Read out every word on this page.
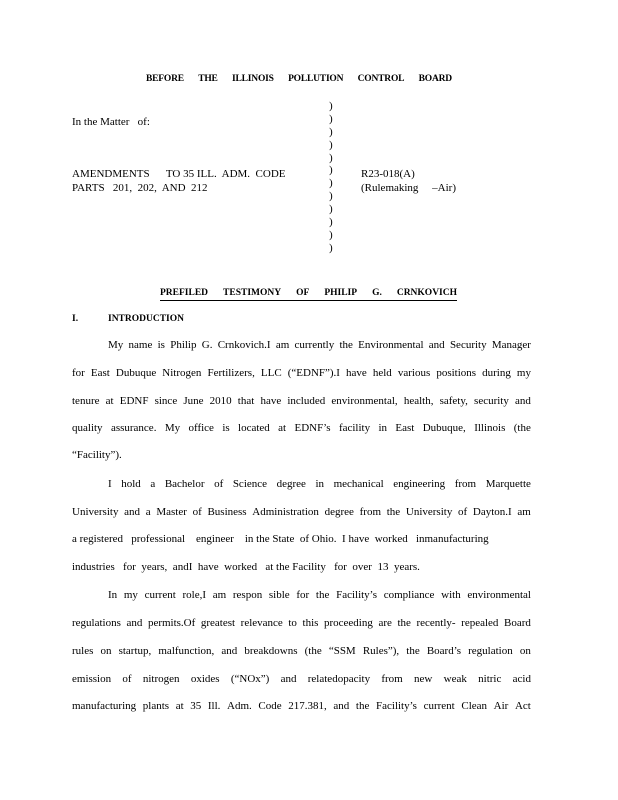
BEFORE THE ILLINOIS POLLUTION CONTROL BOARD
In the Matter   of:
AMENDMENTS      TO 35 ILL.  ADM.  CODE
PARTS   201,  202,  AND  212
)
)
)
)
)
)
)
)
)
)
)
)
R23-018(A)
(Rulemaking     –Air)
PREFILED TESTIMONY OF PHILIP G. CRNKOVICH
I.	INTRODUCTION
My name is Philip G. Crnkovich.I am currently the Environmental and Security Manager
for East Dubuque Nitrogen Fertilizers, LLC (“EDNF”).I have held various positions during my
tenure at EDNF since June 2010 that have included environmental, health, safety, security and
quality assurance. My office is located at EDNF’s facility in East Dubuque, Illinois (the
“Facility”).
I hold a Bachelor of Science degree in mechanical engineering from Marquette
University and a Master of Business Administration degree from the University of Dayton.I am
a registered   professional    engineer    in the State  of Ohio.  I have  worked   inmanufacturing
industries   for  years,  andI  have  worked   at the Facility   for  over  13  years.
In my current role,I am respon sible for the Facility’s compliance with environmental
regulations and permits.Of greatest relevance to this proceeding are the recently- repealed Board
rules on startup, malfunction, and breakdowns (the “SSM Rules”), the Board’s regulation on
emission of nitrogen oxides (“NOx”) and relatedopacity from new weak nitric acid
manufacturing plants at 35 Ill. Adm. Code 217.381, and the Facility’s current Clean Air Act
